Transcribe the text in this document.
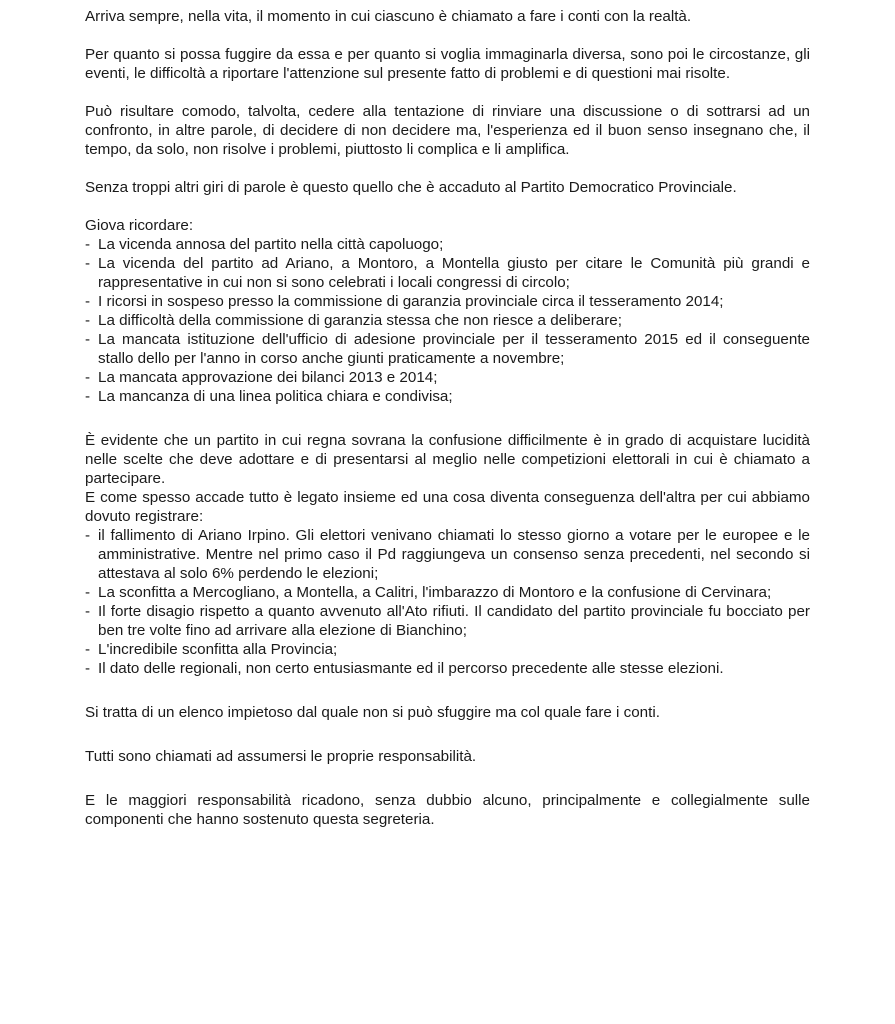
Arriva sempre, nella vita, il momento in cui ciascuno è chiamato a fare i conti con la realtà.

Per quanto si possa fuggire da essa e per quanto si voglia immaginarla diversa, sono poi le circostanze, gli eventi, le difficoltà a riportare l'attenzione sul presente fatto di problemi e di questioni mai risolte.

Può risultare comodo, talvolta, cedere alla tentazione di rinviare una discussione o di sottrarsi ad un confronto, in altre parole, di decidere di non decidere ma, l'esperienza ed il buon senso insegnano che, il tempo, da solo, non risolve i problemi, piuttosto li complica e li amplifica.

Senza troppi altri giri di parole è questo quello che è accaduto al Partito Democratico Provinciale.

Giova ricordare:

- La vicenda annosa del partito nella città capoluogo;
- La vicenda del partito ad Ariano, a Montoro, a Montella giusto per citare le Comunità più grandi e rappresentative in cui non si sono celebrati i locali congressi di circolo;
- I ricorsi in sospeso presso la commissione di garanzia provinciale circa il tesseramento 2014;
- La difficoltà della commissione di garanzia stessa che non riesce a deliberare;
- La mancata istituzione dell'ufficio di adesione provinciale per il tesseramento 2015 ed il conseguente stallo dello per l'anno in corso anche giunti praticamente a novembre;
- La mancata approvazione dei bilanci 2013 e 2014;
- La mancanza di una linea politica chiara e condivisa;

È evidente che un partito in cui regna sovrana la confusione difficilmente è in grado di acquistare lucidità nelle scelte che deve adottare e di presentarsi al meglio nelle competizioni elettorali in cui è chiamato a partecipare.

E come spesso accade tutto è legato insieme ed una cosa diventa conseguenza dell'altra per cui abbiamo dovuto registrare:

- il fallimento di Ariano Irpino. Gli elettori venivano chiamati lo stesso giorno a votare per le europee e le amministrative. Mentre nel primo caso il Pd raggiungeva un consenso senza precedenti, nel secondo si attestava al solo 6% perdendo le elezioni;
- La sconfitta a Mercogliano, a Montella, a Calitri, l'imbarazzo di Montoro e la confusione di Cervinara;
- Il forte disagio rispetto a quanto avvenuto all'Ato rifiuti. Il candidato del partito provinciale fu bocciato per ben tre volte fino ad arrivare alla elezione di Bianchino;
- L'incredibile sconfitta alla Provincia;
- Il dato delle regionali, non certo entusiasmante ed il percorso precedente alle stesse elezioni.

Si tratta di un elenco impietoso dal quale non si può sfuggire ma col quale fare i conti.

Tutti sono chiamati ad assumersi le proprie responsabilità.

E le maggiori responsabilità ricadono, senza dubbio alcuno, principalmente e collegialmente sulle componenti che hanno sostenuto questa segreteria.
